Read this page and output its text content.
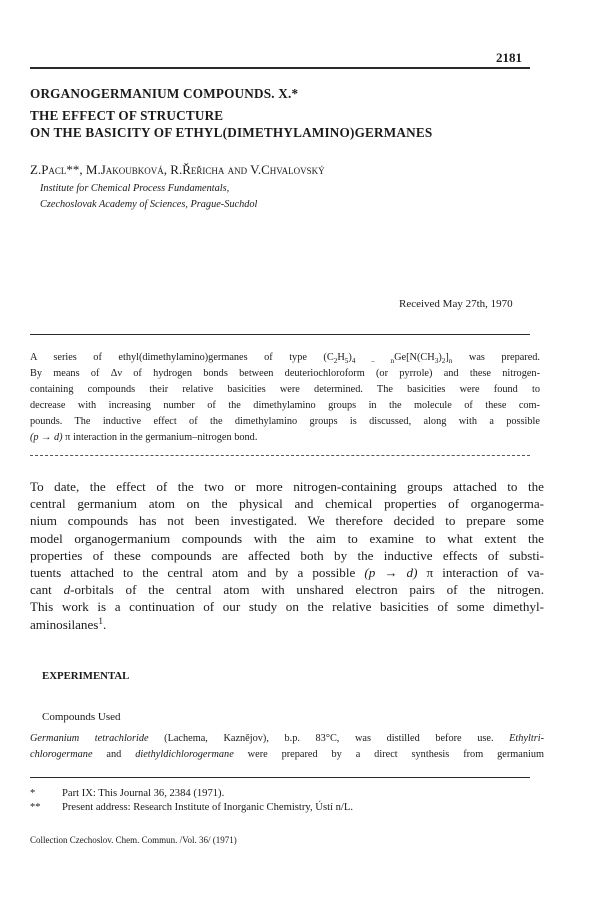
2181
ORGANOGERMANIUM COMPOUNDS. X.*
THE EFFECT OF STRUCTURE
ON THE BASICITY OF ETHYL(DIMETHYLAMINO)GERMANES
Z.Pacl**, M.Jakoubková, R.Řeřicha and V.Chvalovský
Institute for Chemical Process Fundamentals,
Czechoslovak Academy of Sciences, Prague-Suchdol
Received May 27th, 1970
A series of ethyl(dimethylamino)germanes of type $(C_2H_5)_{4 - n}Ge[N(CH_3)_2]_n$ was prepared.
By means of Δν of hydrogen bonds between deuteriochloroform (or pyrrole) and these nitrogen-
containing compounds their relative basicities were determined. The basicities were found to
decrease with increasing number of the dimethylamino groups in the molecule of these com-
pounds. The inductive effect of the dimethylamino groups is discussed, along with a possible
(p → d) π interaction in the germanium–nitrogen bond.
To date, the effect of the two or more nitrogen-containing groups attached to the
central germanium atom on the physical and chemical properties of organogerma-
nium compounds has not been investigated. We therefore decided to prepare some
model organogermanium compounds with the aim to examine to what extent the
properties of these compounds are affected both by the inductive effects of substi-
tuents attached to the central atom and by a possible (p → d) π interaction of va-
cant d-orbitals of the central atom with unshared electron pairs of the nitrogen.
This work is a continuation of our study on the relative basicities of some dimethyl-
aminosilanes$^1$.
EXPERIMENTAL
Compounds Used
Germanium tetrachloride (Lachema, Kaznějov), b.p. 83°C, was distilled before use. Ethyltri-
chlorogermane and diethyldichlorogermane were prepared by a direct synthesis from germanium
*	Part IX: This Journal 36, 2384 (1971).
** Present address: Research Institute of Inorganic Chemistry, Ústí n/L.
Collection Czechoslov. Chem. Commun. /Vol. 36/ (1971)
